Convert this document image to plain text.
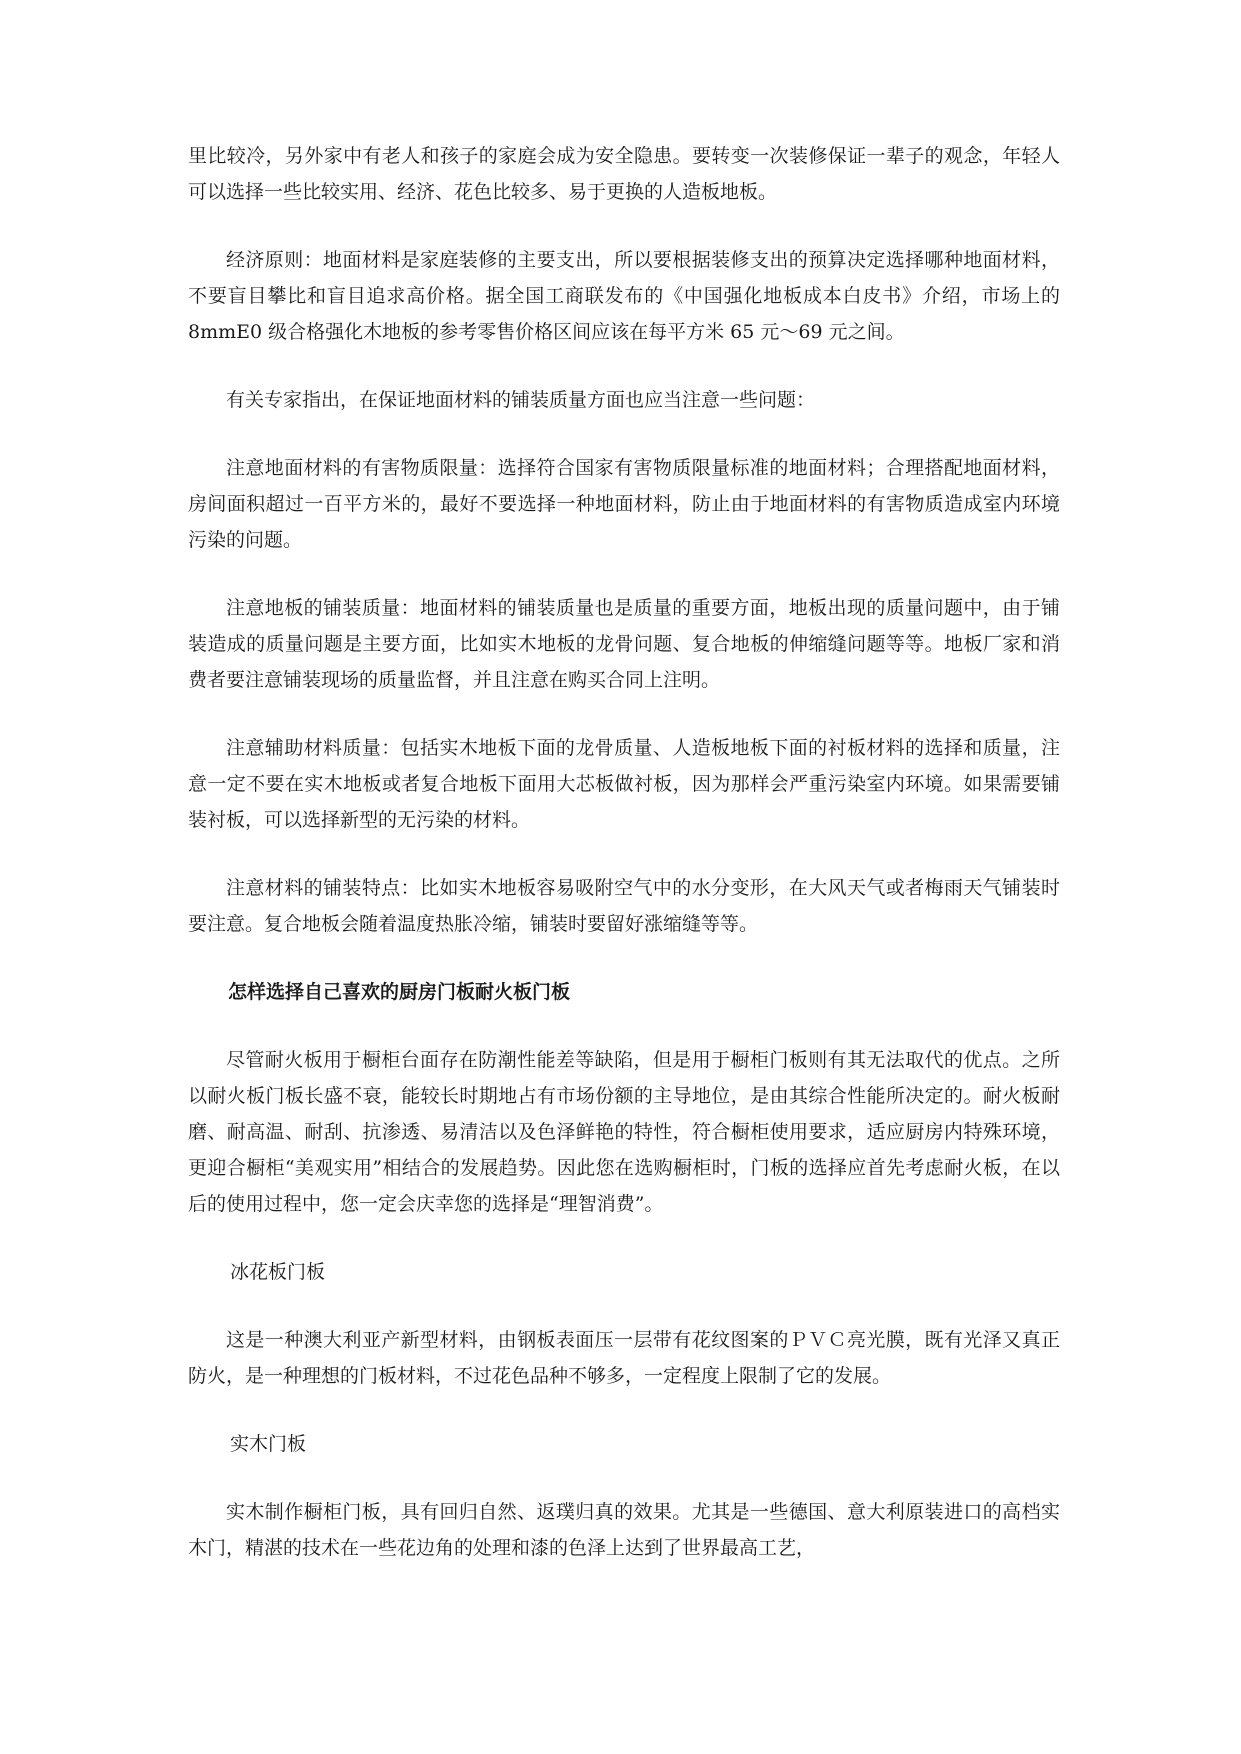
里比较冷，另外家中有老人和孩子的家庭会成为安全隐患。要转变一次装修保证一辈子的观念，年轻人可以选择一些比较实用、经济、花色比较多、易于更换的人造板地板。

经济原则：地面材料是家庭装修的主要支出，所以要根据装修支出的预算决定选择哪种地面材料，不要盲目攀比和盲目追求高价格。据全国工商联发布的《中国强化地板成本白皮书》介绍，市场上的 8mmE0 级合格强化木地板的参考零售价格区间应该在每平方米 65 元～69 元之间。

有关专家指出，在保证地面材料的铺装质量方面也应当注意一些问题：

注意地面材料的有害物质限量：选择符合国家有害物质限量标准的地面材料；合理搭配地面材料，房间面积超过一百平方米的，最好不要选择一种地面材料，防止由于地面材料的有害物质造成室内环境污染的问题。

注意地板的铺装质量：地面材料的铺装质量也是质量的重要方面，地板出现的质量问题中，由于铺装造成的质量问题是主要方面，比如实木地板的龙骨问题、复合地板的伸缩缝问题等等。地板厂家和消费者要注意铺装现场的质量监督，并且注意在购买合同上注明。

注意辅助材料质量：包括实木地板下面的龙骨质量、人造板地板下面的衬板材料的选择和质量，注意一定不要在实木地板或者复合地板下面用大芯板做衬板，因为那样会严重污染室内环境。如果需要铺装衬板，可以选择新型的无污染的材料。

注意材料的铺装特点：比如实木地板容易吸附空气中的水分变形，在大风天气或者梅雨天气铺装时要注意。复合地板会随着温度热胀冷缩，铺装时要留好涨缩缝等等。

怎样选择自己喜欢的厨房门板耐火板门板

尽管耐火板用于橱柜台面存在防潮性能差等缺陷，但是用于橱柜门板则有其无法取代的优点。之所以耐火板门板长盛不衰，能较长时期地占有市场份额的主导地位，是由其综合性能所决定的。耐火板耐磨、耐高温、耐刮、抗渗透、易清洁以及色泽鲜艳的特性，符合橱柜使用要求，适应厨房内特殊环境，更迎合橱柜“美观实用”相结合的发展趋势。因此您在选购橱柜时，门板的选择应首先考虑耐火板，在以后的使用过程中，您一定会庆幸您的选择是“理智消费”。

冰花板门板

这是一种澳大利亚产新型材料，由钢板表面压一层带有花纹图案的ＰＶＣ亮光膜，既有光泽又真正防火，是一种理想的门板材料，不过花色品种不够多，一定程度上限制了它的发展。

实木门板

实木制作橱柜门板，具有回归自然、返璞归真的效果。尤其是一些德国、意大利原装进口的高档实木门，精湛的技术在一些花边角的处理和漆的色泽上达到了世界最高工艺，
